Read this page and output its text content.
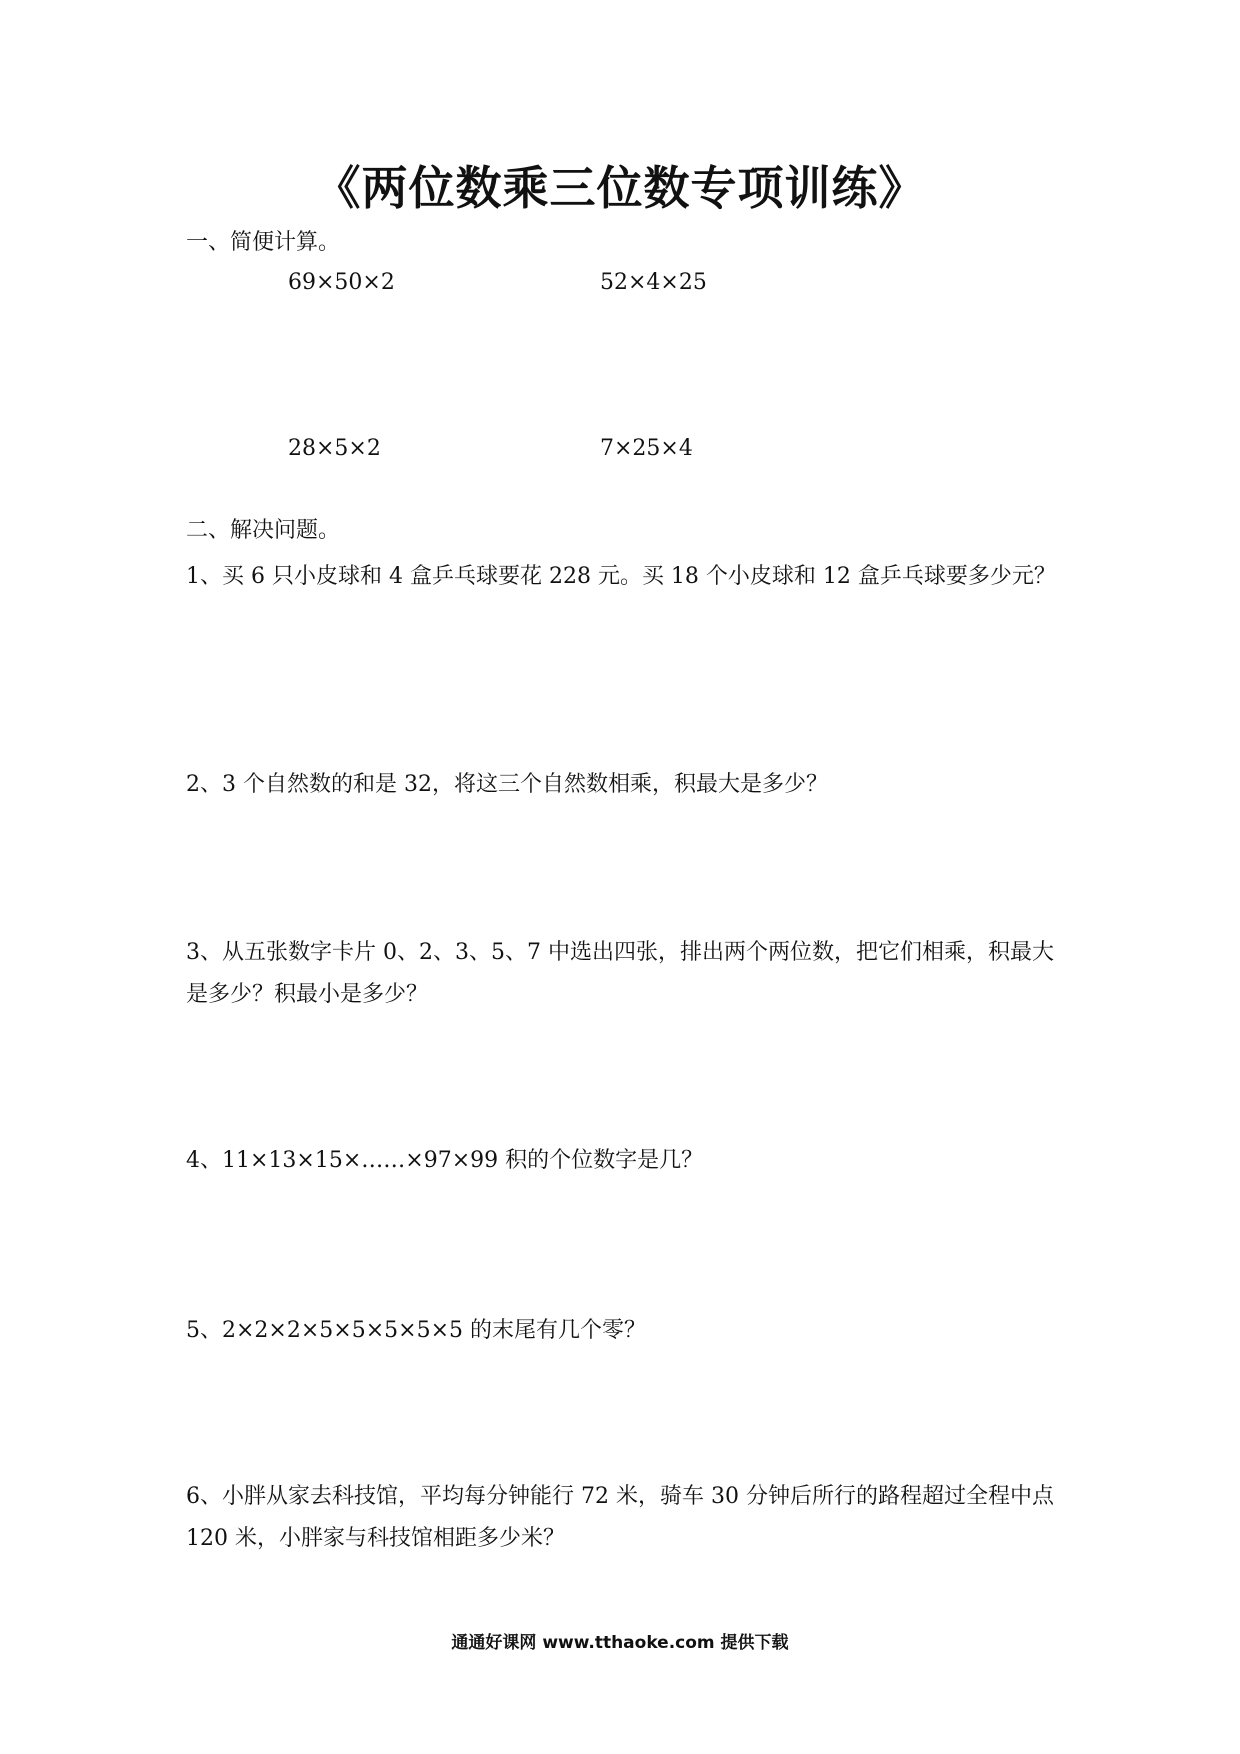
《两位数乘三位数专项训练》
一、简便计算。
69×50×2	52×4×25
28×5×2	7×25×4
二、解决问题。
1、买 6 只小皮球和 4 盒乒乓球要花 228 元。买 18 个小皮球和 12 盒乒乓球要多少元？
2、3 个自然数的和是 32，将这三个自然数相乘，积最大是多少？
3、从五张数字卡片 0、2、3、5、7 中选出四张，排出两个两位数，把它们相乘，积最大是多少？积最小是多少？
4、11×13×15×……×97×99 积的个位数字是几？
5、2×2×2×5×5×5×5×5 的末尾有几个零？
6、小胖从家去科技馆，平均每分钟能行 72 米，骑车 30 分钟后所行的路程超过全程中点 120 米，小胖家与科技馆相距多少米？
通通好课网 www.tthaoke.com 提供下载
